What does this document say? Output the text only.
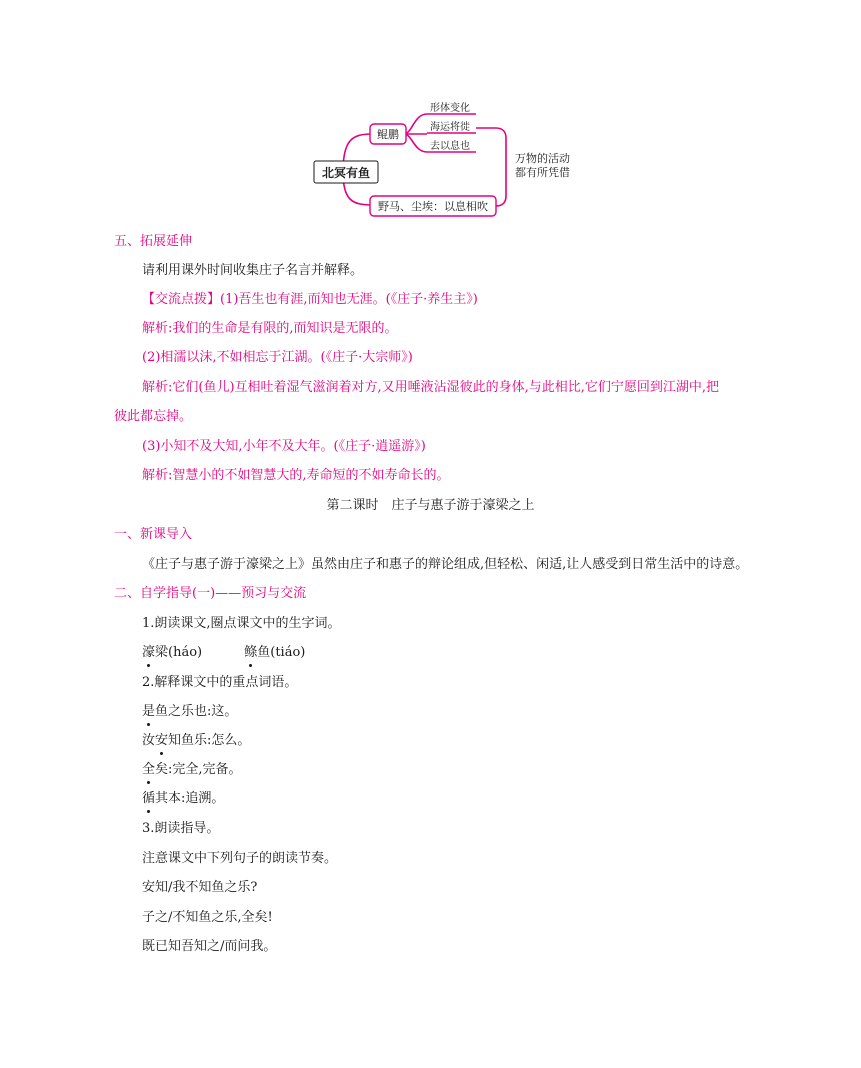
北冥有鱼
鲲鹏
形体变化
海运将徙
去以息也
野马、尘埃：以息相吹
万物的活动
都有所凭借
五、拓展延伸
请利用课外时间收集庄子名言并解释。
【交流点拨】(1)吾生也有涯,而知也无涯。(《庄子·养生主》)
解析:我们的生命是有限的,而知识是无限的。
(2)相濡以沫,不如相忘于江湖。(《庄子·大宗师》)
解析:它们(鱼儿)互相吐着湿气滋润着对方,又用唾液沾湿彼此的身体,与此相比,它们宁愿回到江湖中,把
彼此都忘掉。
(3)小知不及大知,小年不及大年。(《庄子·逍遥游》)
解析:智慧小的不如智慧大的,寿命短的不如寿命长的。
第二课时　庄子与惠子游于濠梁之上
一、新课导入
《庄子与惠子游于濠梁之上》虽然由庄子和惠子的辩论组成,但轻松、闲适,让人感受到日常生活中的诗意。
二、自学指导(一)——预习与交流
1.朗读课文,圈点课文中的生字词。
濠梁(háo)	鲦鱼(tiáo)
2.解释课文中的重点词语。
是鱼之乐也:这。
汝安知鱼乐:怎么。
全矣:完全,完备。
循其本:追溯。
3.朗读指导。
注意课文中下列句子的朗读节奏。
安知/我不知鱼之乐?
子之/不知鱼之乐,全矣!
既已知吾知之/而问我。
